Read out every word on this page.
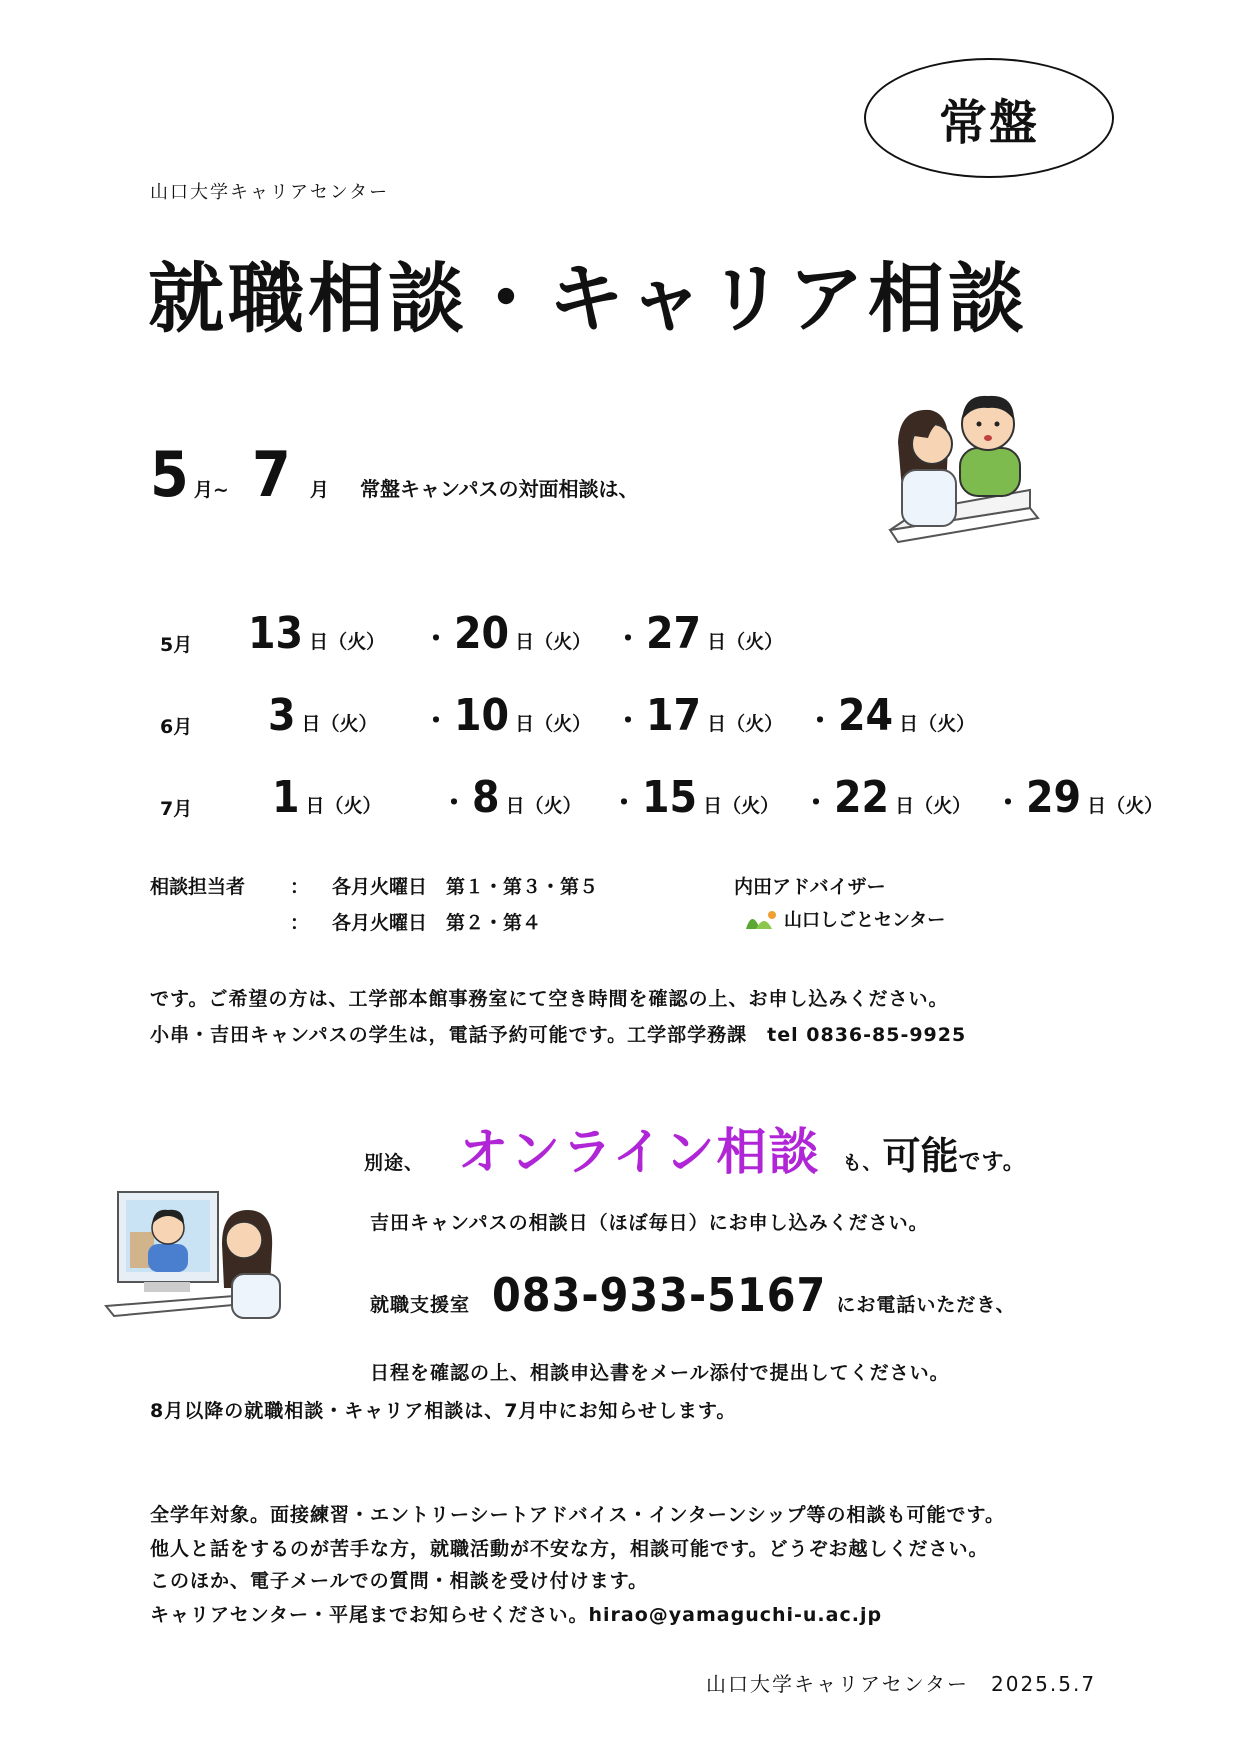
常盤
山口大学キャリアセンター
就職相談・キャリア相談
5 月~ 7 月 常盤キャンパスの対面相談は、
5月 13 日（火） ・20 日（火） ・27 日（火）
6月 3 日（火） ・10 日（火） ・17 日（火） ・24 日（火）
7月 1 日（火） ・8 日（火） ・15 日（火） ・22 日（火） ・29 日（火）
相談担当者 ： 各月火曜日　第１・第３・第５
： 各月火曜日　第２・第４
内田アドバイザー
山口しごとセンター
です。ご希望の方は、工学部本館事務室にて空き時間を確認の上、お申し込みください。
小串・吉田キャンパスの学生は，電話予約可能です。工学部学務課　tel 0836-85-9925
別途、 オンライン相談 も、可能です。
吉田キャンパスの相談日（ほぼ毎日）にお申し込みください。
就職支援室 083-933-5167 にお電話いただき、
日程を確認の上、相談申込書をメール添付で提出してください。
8月以降の就職相談・キャリア相談は、7月中にお知らせします。
全学年対象。面接練習・エントリーシートアドバイス・インターンシップ等の相談も可能です。
他人と話をするのが苦手な方，就職活動が不安な方，相談可能です。どうぞお越しください。
このほか、電子メールでの質問・相談を受け付けます。
キャリアセンター・平尾までお知らせください。hirao@yamaguchi-u.ac.jp
山口大学キャリアセンター　2025.5.7
